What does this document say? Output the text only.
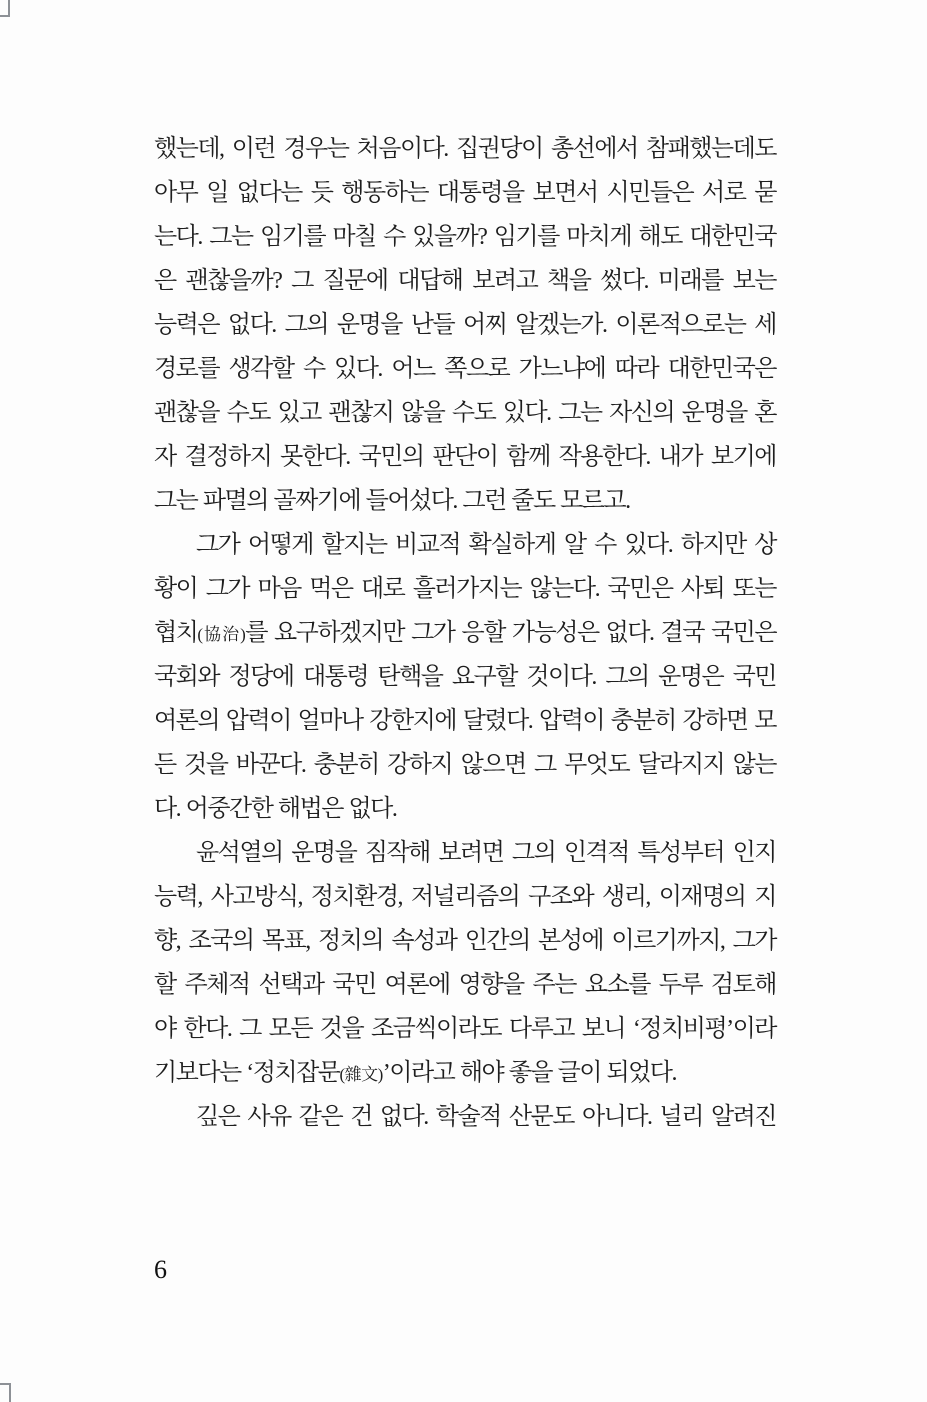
했는데, 이런 경우는 처음이다. 집권당이 총선에서 참패했는데도
아무 일 없다는 듯 행동하는 대통령을 보면서 시민들은 서로 묻
는다. 그는 임기를 마칠 수 있을까? 임기를 마치게 해도 대한민국
은 괜찮을까? 그 질문에 대답해 보려고 책을 썼다. 미래를 보는
능력은 없다. 그의 운명을 난들 어찌 알겠는가. 이론적으로는 세
경로를 생각할 수 있다. 어느 쪽으로 가느냐에 따라 대한민국은
괜찮을 수도 있고 괜찮지 않을 수도 있다. 그는 자신의 운명을 혼
자 결정하지 못한다. 국민의 판단이 함께 작용한다. 내가 보기에
그는 파멸의 골짜기에 들어섰다. 그런 줄도 모르고.
그가 어떻게 할지는 비교적 확실하게 알 수 있다. 하지만 상
황이 그가 마음 먹은 대로 흘러가지는 않는다. 국민은 사퇴 또는
협치(協治)를 요구하겠지만 그가 응할 가능성은 없다. 결국 국민은
국회와 정당에 대통령 탄핵을 요구할 것이다. 그의 운명은 국민
여론의 압력이 얼마나 강한지에 달렸다. 압력이 충분히 강하면 모
든 것을 바꾼다. 충분히 강하지 않으면 그 무엇도 달라지지 않는
다. 어중간한 해법은 없다.
윤석열의 운명을 짐작해 보려면 그의 인격적 특성부터 인지
능력, 사고방식, 정치환경, 저널리즘의 구조와 생리, 이재명의 지
향, 조국의 목표, 정치의 속성과 인간의 본성에 이르기까지, 그가
할 주체적 선택과 국민 여론에 영향을 주는 요소를 두루 검토해
야 한다. 그 모든 것을 조금씩이라도 다루고 보니 ‘정치비평’이라
기보다는 ‘정치잡문(雜文)’이라고 해야 좋을 글이 되었다.
깊은 사유 같은 건 없다. 학술적 산문도 아니다. 널리 알려진
6
